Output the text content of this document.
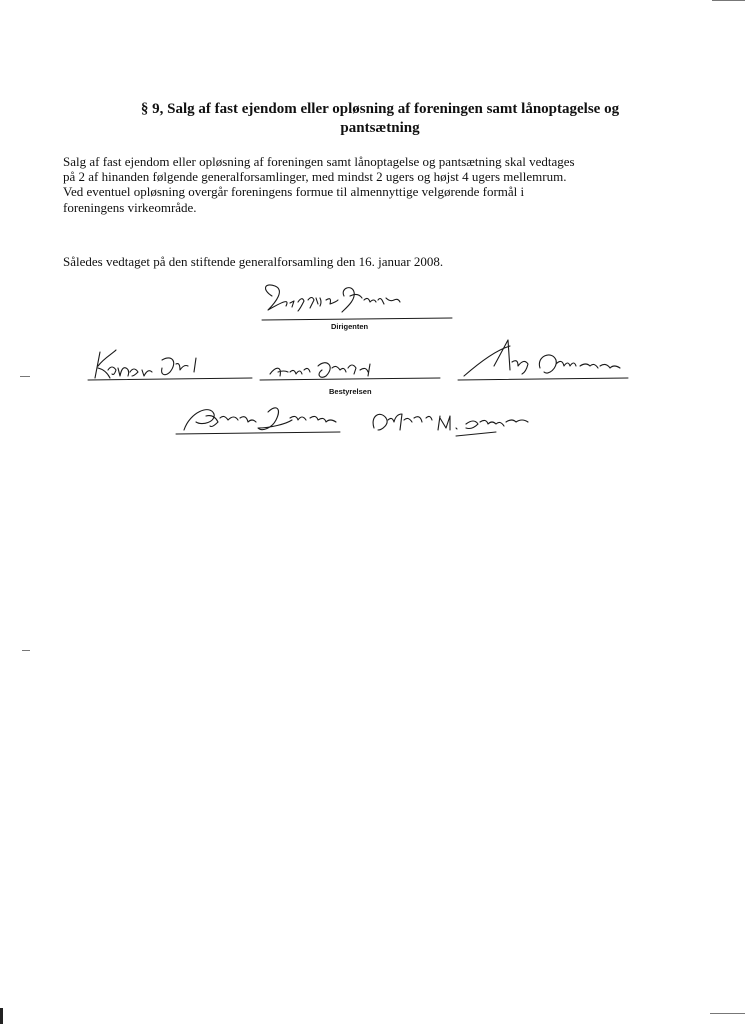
§ 9, Salg af fast ejendom eller opløsning af foreningen samt lånoptagelse og
pantsætning
Salg af fast ejendom eller opløsning af foreningen samt lånoptagelse og pantsætning skal vedtages
på 2 af hinanden følgende generalforsamlinger, med mindst 2 ugers og højst 4 ugers mellemrum.
Ved eventuel opløsning overgår foreningens formue til almennyttige velgørende formål i
foreningens virkeområde.
Således vedtaget på den stiftende generalforsamling den 16. januar 2008.
Dirigenten
Bestyrelsen
